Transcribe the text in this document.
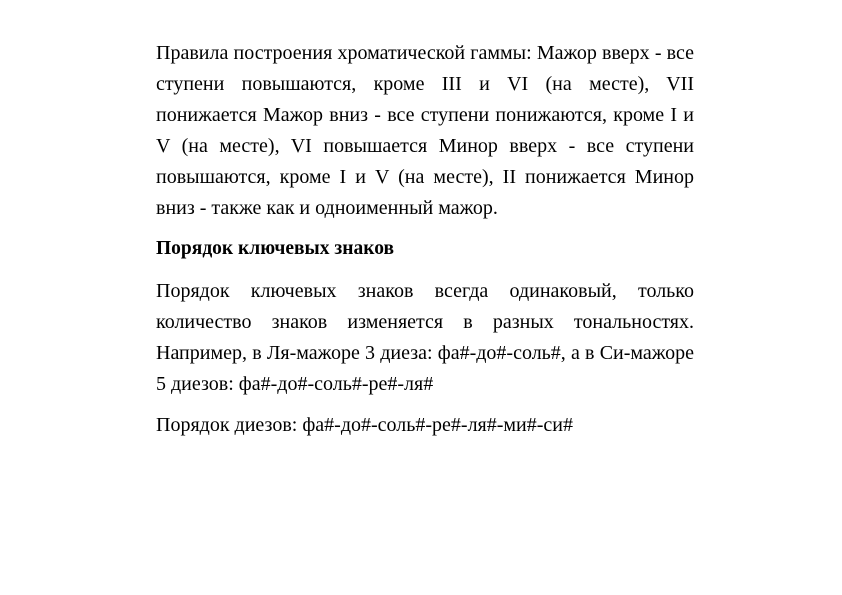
Правила построения хроматической гаммы: Мажор вверх - все ступени повышаются, кроме III и VI (на месте), VII понижается Мажор вниз - все ступени понижаются, кроме I и V (на месте), VI повышается Минор вверх - все ступени повышаются, кроме I и V (на месте), II понижается Минор вниз - также как и одноименный мажор.

Порядок ключевых знаков

Порядок ключевых знаков всегда одинаковый, только количество знаков изменяется в разных тональностях. Например, в Ля-мажоре 3 диеза: фа#-до#-соль#, а в Си-мажоре 5 диезов: фа#-до#-соль#-ре#-ля#

Порядок диезов: фа#-до#-соль#-ре#-ля#-ми#-си#
